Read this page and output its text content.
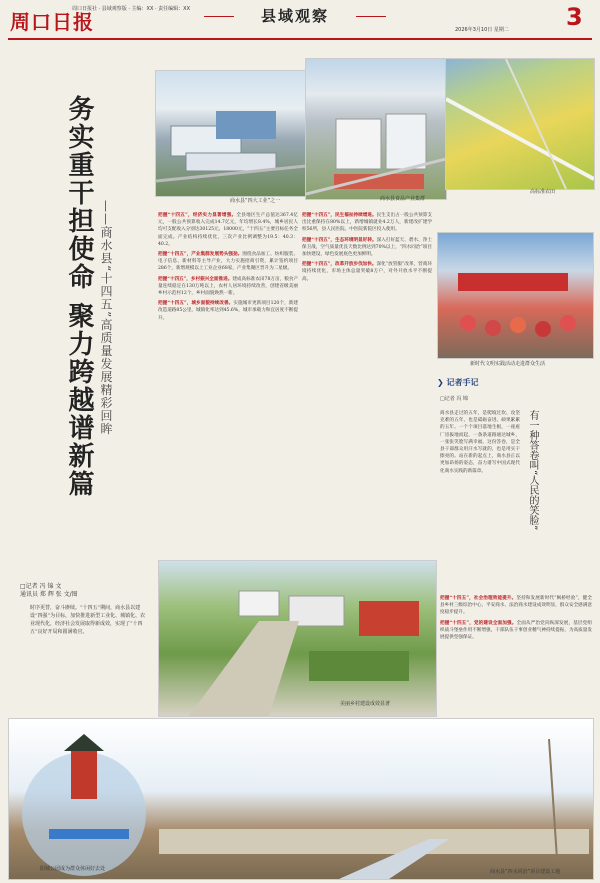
周口日报
周口日报社 · 县域观察版 · 主编：XX · 责任编辑：XX	县域观察
2026年3月10日 星期二 3
务实重干担使命 聚力跨越谱新篇 ——商水县“十四五”高质量发展精彩回眸
□记者 冯 锦 文
通讯员 郑 辉 张 文/图
时序更替，奋斗赓续。“十四五”期间，商水县以建设“四强”为目标，加快推进新型工业化、城镇化、农业现代化，经济社会发展取得新成效，实现了“十四五”良好开局和圆满收官。
商水县“四大工业”之一	商水县食品产业集群
高标准农田

把握“十四五”，经济实力显著增强。全县地区生产总值达367.4亿元，一般公共预算收入完成14.7亿元，年均增长8.4%，城乡居民人均可支配收入分别达30125元、18000元，“十四五”主要目标任务全面完成。产业结构持续优化，三次产业比例调整为19.5：40.3：40.2。

把握“十四五”，产业集群发展势头强劲。围绕食品加工、纺织服装、电子信息、新材料等主导产业，大力实施招商引资，累计签约项目286个，新增规模以上工业企业68家，产业集聚区晋升为二星级。

把握“十四五”，乡村振兴全面推进。建成高标准农田78万亩，粮食产量连续稳定在130万吨以上，农村人居环境持续改善，创建省级美丽乡村示范村12个，乡村面貌焕然一新。

把握“十四五”，城乡面貌持续改善。实施城市更新项目120个，新建改造道路85公里，城镇化率达到45.6%，城市承载力和宜居度不断提升。

把握“十四五”，民生福祉持续增进。民生支出占一般公共预算支出比重保持在80%以上，新增城镇就业4.2万人，新建改扩建学校56所，县人民医院、中医院新院区投入使用。

把握“十四五”，生态环境明显好转。深入打好蓝天、碧水、净土保卫战，空气质量优良天数比例达到70%以上，“四水同治”项目加快建设，绿色发展底色更加鲜明。

把握“十四五”，改革开放步伐加快。深化“放管服”改革，营商环境持续优化，市场主体总量突破8万户，对外开放水平不断提高。

新时代文明实践活动走进群众生活
❯ 记者手记
□记者 冯 锦
商水县走过的五年，是爬坡过坎、攻坚克难的五年，也是砥砺奋进、硕果累累的五年。一个个项目落地生根，一座座厂房拔地而起，一条条道路通达城乡，一张张笑脸写满幸福。这份答卷，是全县干部群众用汗水写就的，也是用实干擦亮的。站在新的起点上，商水县正以更加昂扬的姿态，奋力谱写中国式现代化商水实践的新篇章。	有一种答卷叫“人民的笑脸”

把握“十四五”，社会治理效能提升。坚持和发展新时代“枫桥经验”，健全县乡村三级综治中心，平安商水、法治商水建设成效明显，群众安全感满意度稳步提升。

把握“十四五”，党的建设全面加强。全面从严治党向纵深发展，基层党组织战斗堡垒作用不断增强，干部队伍干事创业精气神持续提振，为高质量发展提供坚强保证。

美丽乡村建设成效显著
阳城公园成为群众休闲好去处	商水县“四水同治”项目建设工地
